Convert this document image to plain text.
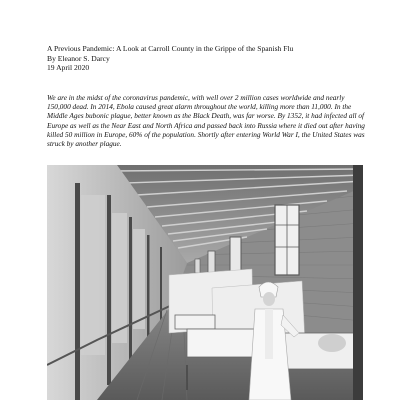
A Previous Pandemic: A Look at Carroll County in the Grippe of the Spanish Flu
By Eleanor S. Darcy
19 April 2020

We are in the midst of the coronavirus pandemic, with well over 2 million cases worldwide and nearly 150,000 dead. In 2014, Ebola caused great alarm throughout the world, killing more than 11,000. In the Middle Ages bubonic plague, better known as the Black Death, was far worse. By 1352, it had infected all of Europe as well as the Near East and North Africa and passed back into Russia where it died out after having killed 50 million in Europe, 60% of the population. Shortly after entering World War I, the United States was struck by another plague.
